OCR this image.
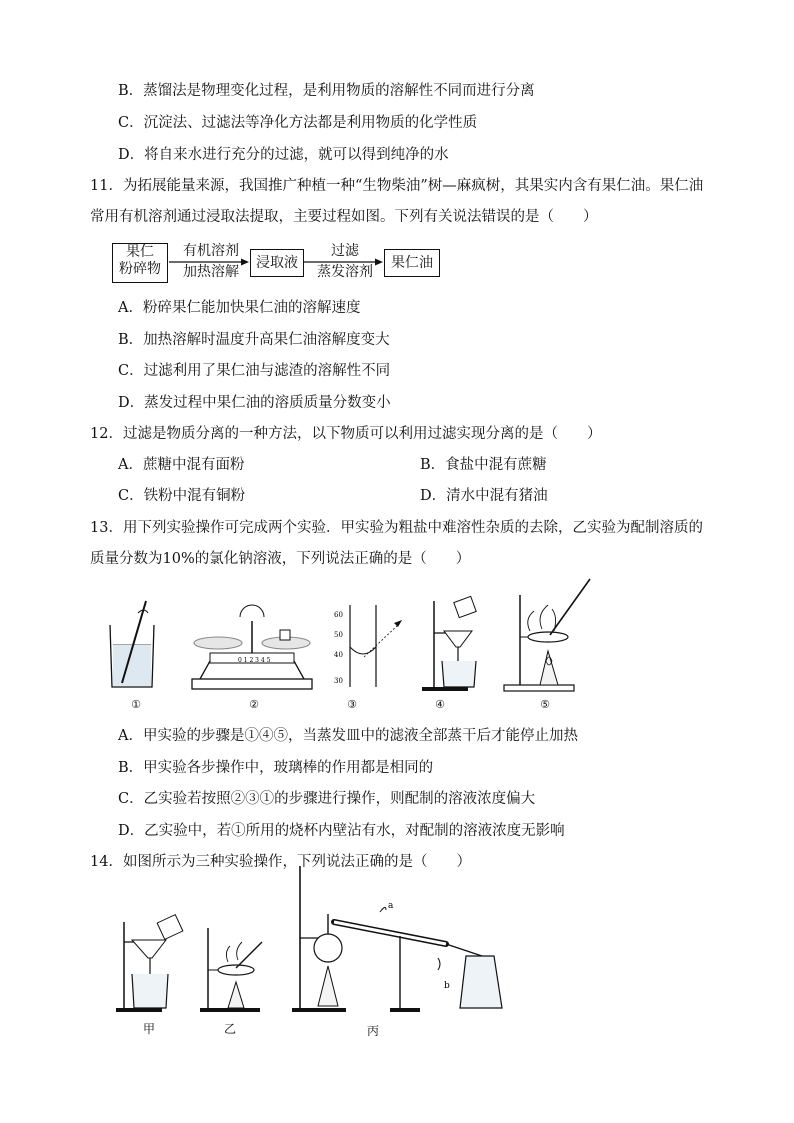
B．蒸馏法是物理变化过程，是利用物质的溶解性不同而进行分离
C．沉淀法、过滤法等净化方法都是利用物质的化学性质
D．将自来水进行充分的过滤，就可以得到纯净的水
11．为拓展能量来源，我国推广种植一种“生物柴油”树—麻疯树，其果实内含有果仁油。果仁油
常用有机溶剂通过浸取法提取，主要过程如图。下列有关说法错误的是（　　）
果仁
粉碎物
有机溶剂
加热溶解
浸取液
过滤
蒸发溶剂
果仁油
A．粉碎果仁能加快果仁油的溶解速度
B．加热溶解时温度升高果仁油溶解度变大
C．过滤利用了果仁油与滤渣的溶解性不同
D．蒸发过程中果仁油的溶质质量分数变小
12．过滤是物质分离的一种方法，以下物质可以利用过滤实现分离的是（　　）
A．蔗糖中混有面粉	B．食盐中混有蔗糖
C．铁粉中混有铜粉	D．清水中混有猪油
13．用下列实验操作可完成两个实验．甲实验为粗盐中难溶性杂质的去除，乙实验为配制溶质的
质量分数为10%的氯化钠溶液，下列说法正确的是（　　）
0 1 2 3 4 5
60
50
40
30
①	②	③	④	⑤
A．甲实验的步骤是①④⑤，当蒸发皿中的滤液全部蒸干后才能停止加热
B．甲实验各步操作中，玻璃棒的作用都是相同的
C．乙实验若按照②③①的步骤进行操作，则配制的溶液浓度偏大
D．乙实验中，若①所用的烧杯内壁沾有水，对配制的溶液浓度无影响
14．如图所示为三种实验操作，下列说法正确的是（　　）
a
b
甲	乙	丙
